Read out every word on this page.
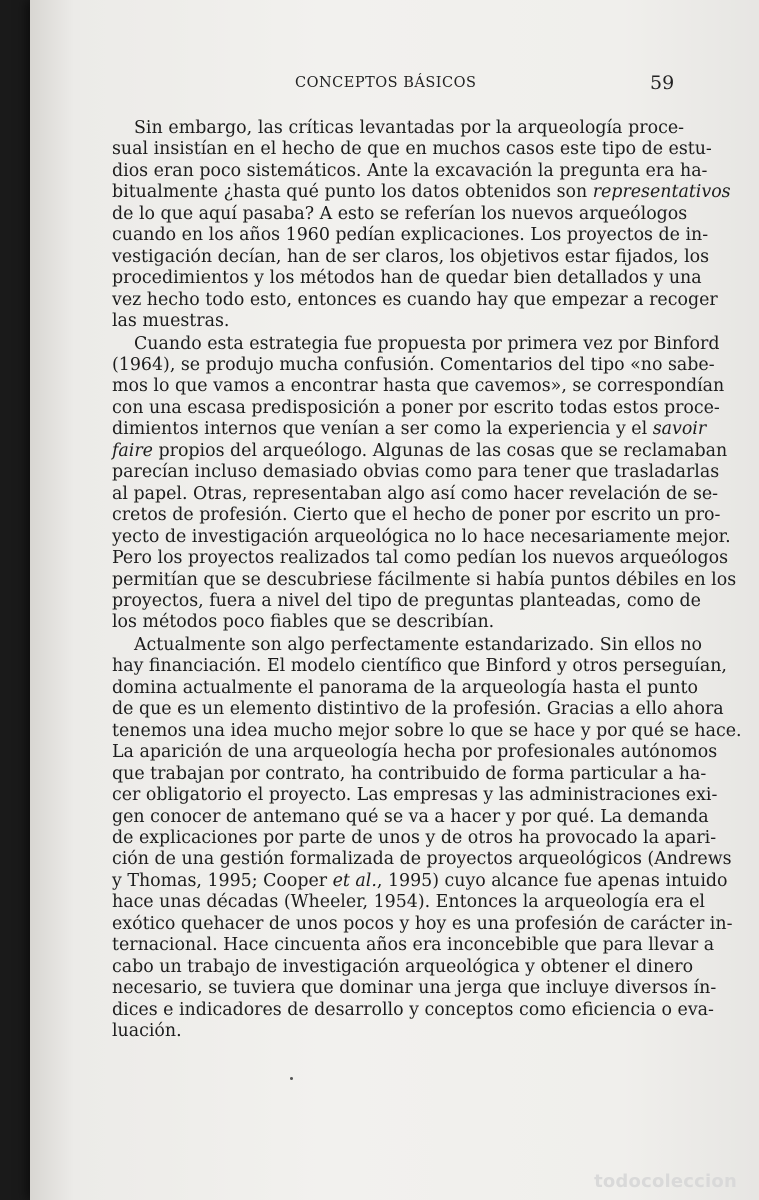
CONCEPTOS BÁSICOS	59

Sin embargo, las críticas levantadas por la arqueología proce-
sual insistían en el hecho de que en muchos casos este tipo de estu-
dios eran poco sistemáticos. Ante la excavación la pregunta era ha-
bitualmente ¿hasta qué punto los datos obtenidos son representativos
de lo que aquí pasaba? A esto se referían los nuevos arqueólogos
cuando en los años 1960 pedían explicaciones. Los proyectos de in-
vestigación decían, han de ser claros, los objetivos estar fijados, los
procedimientos y los métodos han de quedar bien detallados y una
vez hecho todo esto, entonces es cuando hay que empezar a recoger
las muestras.

Cuando esta estrategia fue propuesta por primera vez por Binford
(1964), se produjo mucha confusión. Comentarios del tipo «no sabe-
mos lo que vamos a encontrar hasta que cavemos», se correspondían
con una escasa predisposición a poner por escrito todas estos proce-
dimientos internos que venían a ser como la experiencia y el savoir
faire propios del arqueólogo. Algunas de las cosas que se reclamaban
parecían incluso demasiado obvias como para tener que trasladarlas
al papel. Otras, representaban algo así como hacer revelación de se-
cretos de profesión. Cierto que el hecho de poner por escrito un pro-
yecto de investigación arqueológica no lo hace necesariamente mejor.
Pero los proyectos realizados tal como pedían los nuevos arqueólogos
permitían que se descubriese fácilmente si había puntos débiles en los
proyectos, fuera a nivel del tipo de preguntas planteadas, como de
los métodos poco fiables que se describían.

Actualmente son algo perfectamente estandarizado. Sin ellos no
hay financiación. El modelo científico que Binford y otros perseguían,
domina actualmente el panorama de la arqueología hasta el punto
de que es un elemento distintivo de la profesión. Gracias a ello ahora
tenemos una idea mucho mejor sobre lo que se hace y por qué se hace.
La aparición de una arqueología hecha por profesionales autónomos
que trabajan por contrato, ha contribuido de forma particular a ha-
cer obligatorio el proyecto. Las empresas y las administraciones exi-
gen conocer de antemano qué se va a hacer y por qué. La demanda
de explicaciones por parte de unos y de otros ha provocado la apari-
ción de una gestión formalizada de proyectos arqueológicos (Andrews
y Thomas, 1995; Cooper et al., 1995) cuyo alcance fue apenas intuido
hace unas décadas (Wheeler, 1954). Entonces la arqueología era el
exótico quehacer de unos pocos y hoy es una profesión de carácter in-
ternacional. Hace cincuenta años era inconcebible que para llevar a
cabo un trabajo de investigación arqueológica y obtener el dinero
necesario, se tuviera que dominar una jerga que incluye diversos ín-
dices e indicadores de desarrollo y conceptos como eficiencia o eva-
luación.

todocoleccion
